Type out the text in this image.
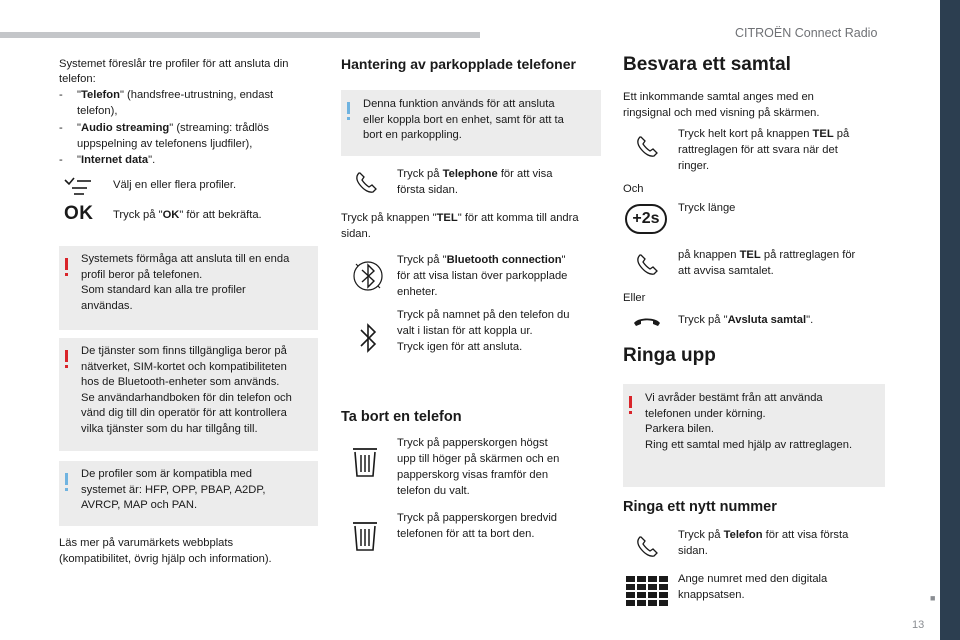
CITROËN Connect Radio
■
13
Systemet föreslår tre profiler för att ansluta din
telefon:
- "Telefon" (handsfree-utrustning, endast
telefon),
- "Audio streaming" (streaming: trådlös
uppspelning av telefonens ljudfiler),
- "Internet data".
Välj en eller flera profiler.
OK Tryck på "OK" för att bekräfta.
Systemets förmåga att ansluta till en enda
profil beror på telefonen.
Som standard kan alla tre profiler
användas.
De tjänster som finns tillgängliga beror på
nätverket, SIM-kortet och kompatibiliteten
hos de Bluetooth-enheter som används.
Se användarhandboken för din telefon och
vänd dig till din operatör för att kontrollera
vilka tjänster som du har tillgång till.
De profiler som är kompatibla med
systemet är: HFP, OPP, PBAP, A2DP,
AVRCP, MAP och PAN.
Läs mer på varumärkets webbplats
(kompatibilitet, övrig hjälp och information).
Hantering av parkopplade telefoner
Denna funktion används för att ansluta
eller koppla bort en enhet, samt för att ta
bort en parkoppling.
Tryck på Telephone för att visa
första sidan.
Tryck på knappen "TEL" för att komma till andra
sidan.
Tryck på "Bluetooth connection"
för att visa listan över parkopplade
enheter.
Tryck på namnet på den telefon du
valt i listan för att koppla ur.
Tryck igen för att ansluta.
Ta bort en telefon
Tryck på papperskorgen högst
upp till höger på skärmen och en
papperskorg visas framför den
telefon du valt.
Tryck på papperskorgen bredvid
telefonen för att ta bort den.
Besvara ett samtal
Ett inkommande samtal anges med en
ringsignal och med visning på skärmen.
Tryck helt kort på knappen TEL på
rattreglagen för att svara när det
ringer.
Och
+2s
Tryck länge
på knappen TEL på rattreglagen för
att avvisa samtalet.
Eller
Tryck på "Avsluta samtal".
Ringa upp
Vi avråder bestämt från att använda
telefonen under körning.
Parkera bilen.
Ring ett samtal med hjälp av rattreglagen.
Ringa ett nytt nummer
Tryck på Telefon för att visa första
sidan.
Ange numret med den digitala
knappsatsen.
